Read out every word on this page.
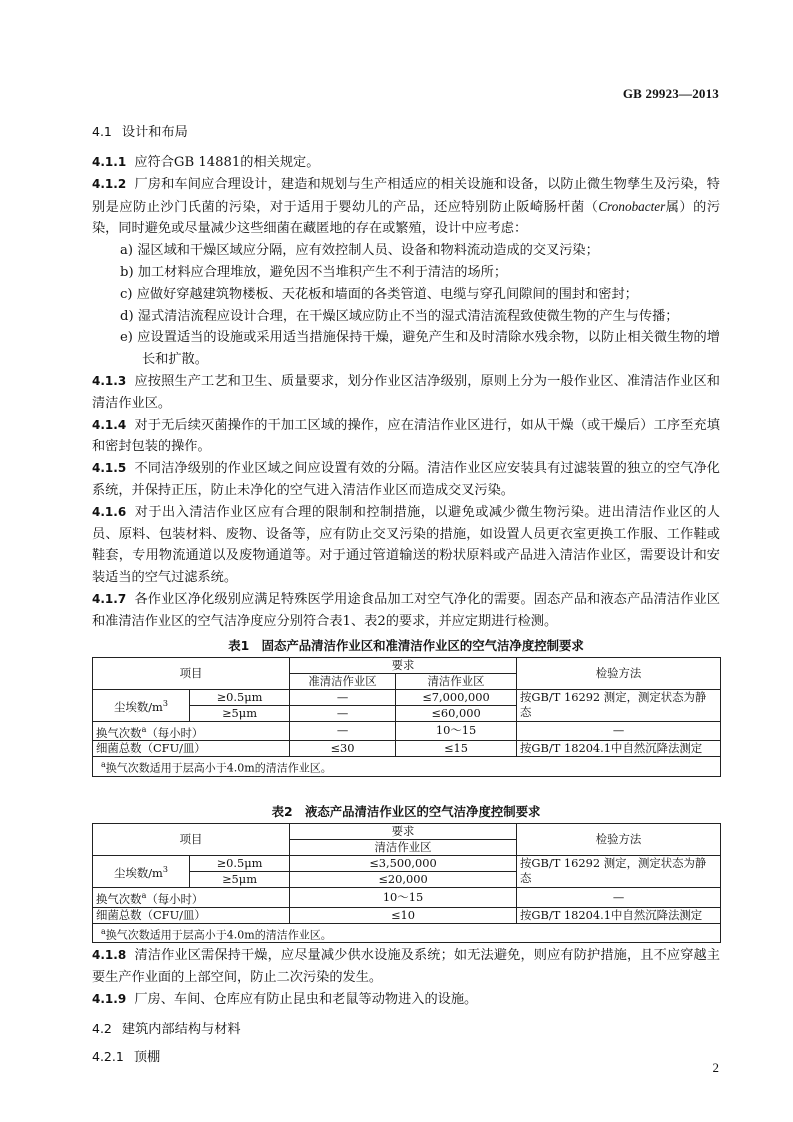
GB 29923—2013
4.1 设计和布局

4.1.1 应符合GB 14881的相关规定。

4.1.2 厂房和车间应合理设计，建造和规划与生产相适应的相关设施和设备，以防止微生物孳生及污染，特别是应防止沙门氏菌的污染，对于适用于婴幼儿的产品，还应特别防止阪崎肠杆菌（Cronobacter属）的污染，同时避免或尽量减少这些细菌在藏匿地的存在或繁殖，设计中应考虑：

a) 湿区域和干燥区域应分隔，应有效控制人员、设备和物料流动造成的交叉污染；

b) 加工材料应合理堆放，避免因不当堆积产生不利于清洁的场所；

c) 应做好穿越建筑物楼板、天花板和墙面的各类管道、电缆与穿孔间隙间的围封和密封；

d) 湿式清洁流程应设计合理，在干燥区域应防止不当的湿式清洁流程致使微生物的产生与传播；

e) 应设置适当的设施或采用适当措施保持干燥，避免产生和及时清除水残余物，以防止相关微生物的增长和扩散。

4.1.3 应按照生产工艺和卫生、质量要求，划分作业区洁净级别，原则上分为一般作业区、准清洁作业区和清洁作业区。

4.1.4 对于无后续灭菌操作的干加工区域的操作，应在清洁作业区进行，如从干燥（或干燥后）工序至充填和密封包装的操作。

4.1.5 不同洁净级别的作业区域之间应设置有效的分隔。清洁作业区应安装具有过滤装置的独立的空气净化系统，并保持正压，防止未净化的空气进入清洁作业区而造成交叉污染。

4.1.6 对于出入清洁作业区应有合理的限制和控制措施，以避免或减少微生物污染。进出清洁作业区的人员、原料、包装材料、废物、设备等，应有防止交叉污染的措施，如设置人员更衣室更换工作服、工作鞋或鞋套，专用物流通道以及废物通道等。对于通过管道输送的粉状原料或产品进入清洁作业区，需要设计和安装适当的空气过滤系统。

4.1.7 各作业区净化级别应满足特殊医学用途食品加工对空气净化的需要。固态产品和液态产品清洁作业区和准清洁作业区的空气洁净度应分别符合表1、表2的要求，并应定期进行检测。

表1　固态产品清洁作业区和准清洁作业区的空气洁净度控制要求
项目		要求		检验方法
		准清洁作业区	清洁作业区	
尘埃数$/m^3$	≥0.5μm	—	≤7,000,000	按GB/T 16292 测定，测定状态为静态
	≥5μm	—	≤60,000	
换气次数$^a$（每小时）		—	10～15	—
细菌总数（CFU/皿）		≤30	≤15	按GB/T 18204.1中自然沉降法测定
$^a$换气次数适用于层高小于4.0m的清洁作业区。				
表2　液态产品清洁作业区的空气洁净度控制要求
项目		要求	检验方法
		清洁作业区	
尘埃数$/m^3$	≥0.5μm	≤3,500,000	按GB/T 16292 测定，测定状态为静态
	≥5μm	≤20,000	
换气次数$^a$（每小时）		10～15	—
细菌总数（CFU/皿）		≤10	按GB/T 18204.1中自然沉降法测定
$^a$换气次数适用于层高小于4.0m的清洁作业区。			

4.1.8 清洁作业区需保持干燥，应尽量减少供水设施及系统；如无法避免，则应有防护措施，且不应穿越主要生产作业面的上部空间，防止二次污染的发生。

4.1.9 厂房、车间、仓库应有防止昆虫和老鼠等动物进入的设施。

4.2 建筑内部结构与材料
4.2.1 顶棚
2
